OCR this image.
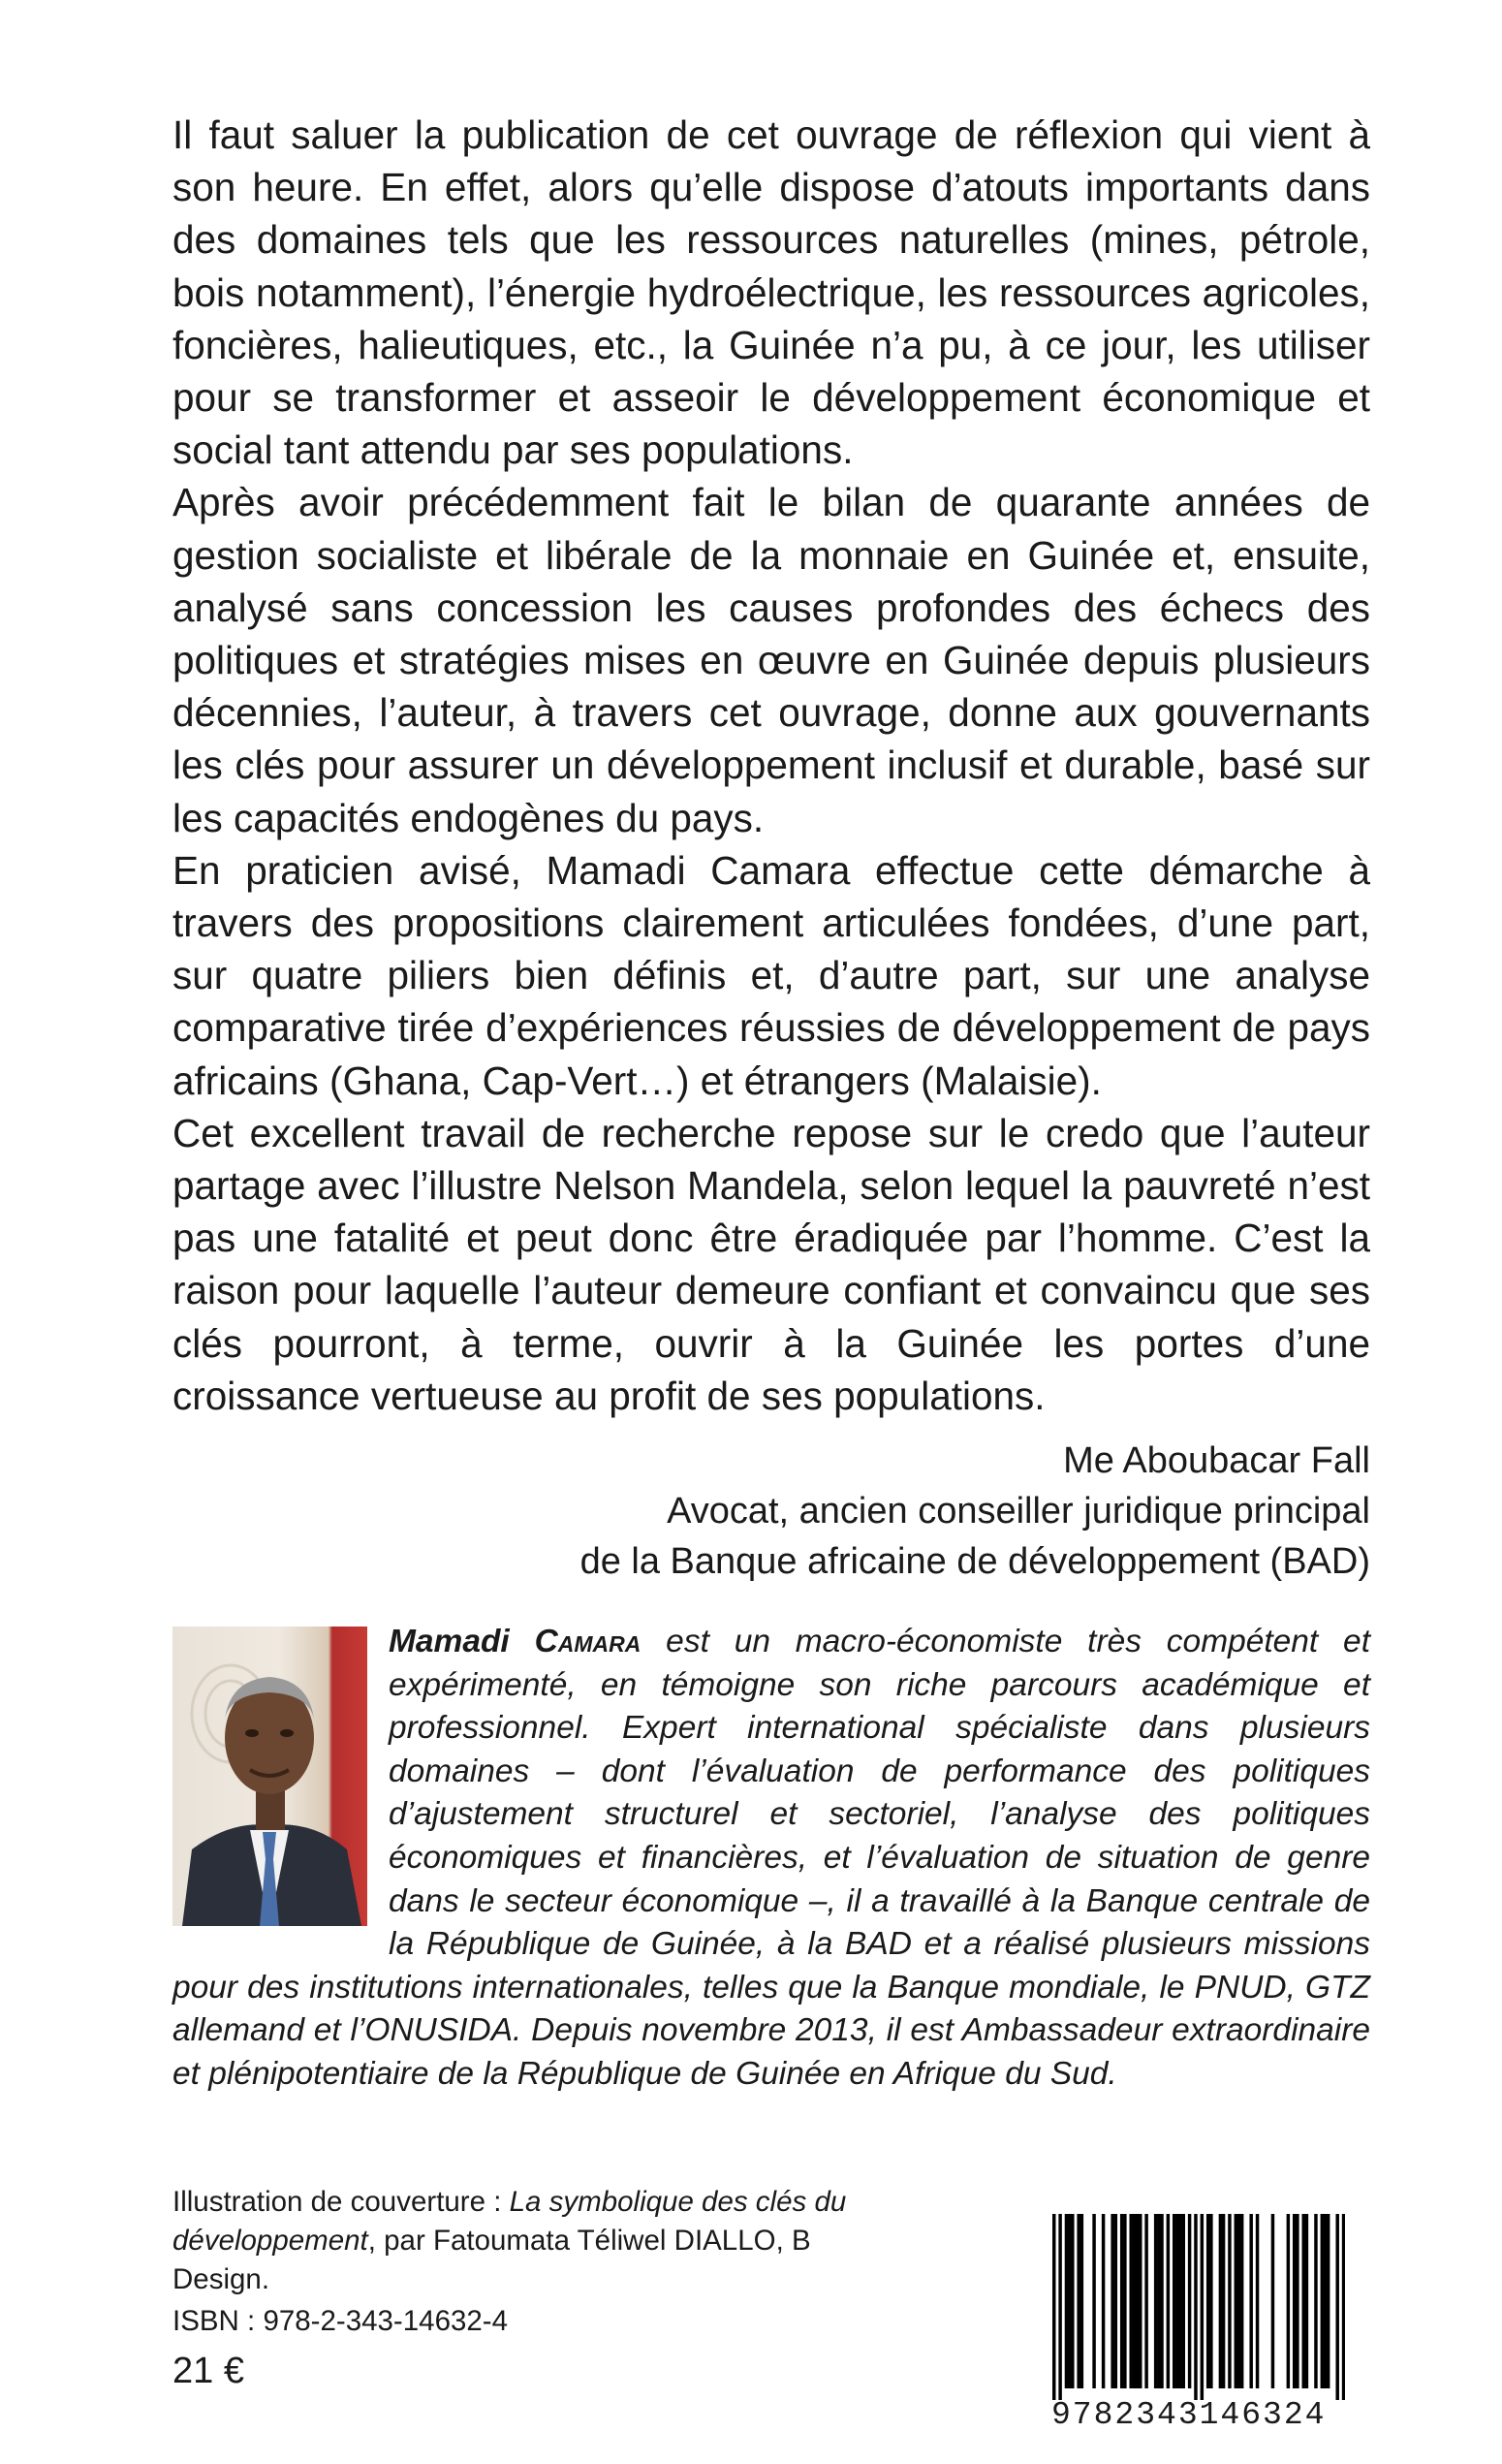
Il faut saluer la publication de cet ouvrage de réflexion qui vient à son heure. En effet, alors qu’elle dispose d’atouts importants dans des domaines tels que les ressources naturelles (mines, pétrole, bois notamment), l’énergie hydroélectrique, les ressources agricoles, foncières, halieutiques, etc., la Guinée n’a pu, à ce jour, les utiliser pour se transformer et asseoir le développement économique et social tant attendu par ses populations.

Après avoir précédemment fait le bilan de quarante années de gestion socialiste et libérale de la monnaie en Guinée et, ensuite, analysé sans concession les causes profondes des échecs des politiques et stratégies mises en œuvre en Guinée depuis plusieurs décennies, l’auteur, à travers cet ouvrage, donne aux gouvernants les clés pour assurer un développement inclusif et durable, basé sur les capacités endogènes du pays.

En praticien avisé, Mamadi Camara effectue cette démarche à travers des propositions clairement articulées fondées, d’une part, sur quatre piliers bien définis et, d’autre part, sur une analyse comparative tirée d’expériences réussies de développement de pays africains (Ghana, Cap-Vert…) et étrangers (Malaisie).

Cet excellent travail de recherche repose sur le credo que l’auteur partage avec l’illustre Nelson Mandela, selon lequel la pauvreté n’est pas une fatalité et peut donc être éradiquée par l’homme. C’est la raison pour laquelle l’auteur demeure confiant et convaincu que ses clés pourront, à terme, ouvrir à la Guinée les portes d’une croissance vertueuse au profit de ses populations.

Me Aboubacar Fall
Avocat, ancien conseiller juridique principal
de la Banque africaine de développement (BAD)
Mamadi Camara est un macro-économiste très compétent et expérimenté, en témoigne son riche parcours académique et professionnel. Expert international spécialiste dans plusieurs domaines – dont l’évaluation de performance des politiques d’ajustement structurel et sectoriel, l’analyse des politiques économiques et financières, et l’évaluation de situation de genre dans le secteur économique –, il a travaillé à la Banque centrale de la République de Guinée, à la BAD et a réalisé plusieurs missions pour des institutions internationales, telles que la Banque mondiale, le PNUD, GTZ allemand et l’ONUSIDA. Depuis novembre 2013, il est Ambassadeur extraordinaire et plénipotentiaire de la République de Guinée en Afrique du Sud.
Illustration de couverture : La symbolique des clés du développement, par Fatoumata Téliwel DIALLO, B Design.
ISBN : 978-2-343-14632-4
21 €
9782343146324
